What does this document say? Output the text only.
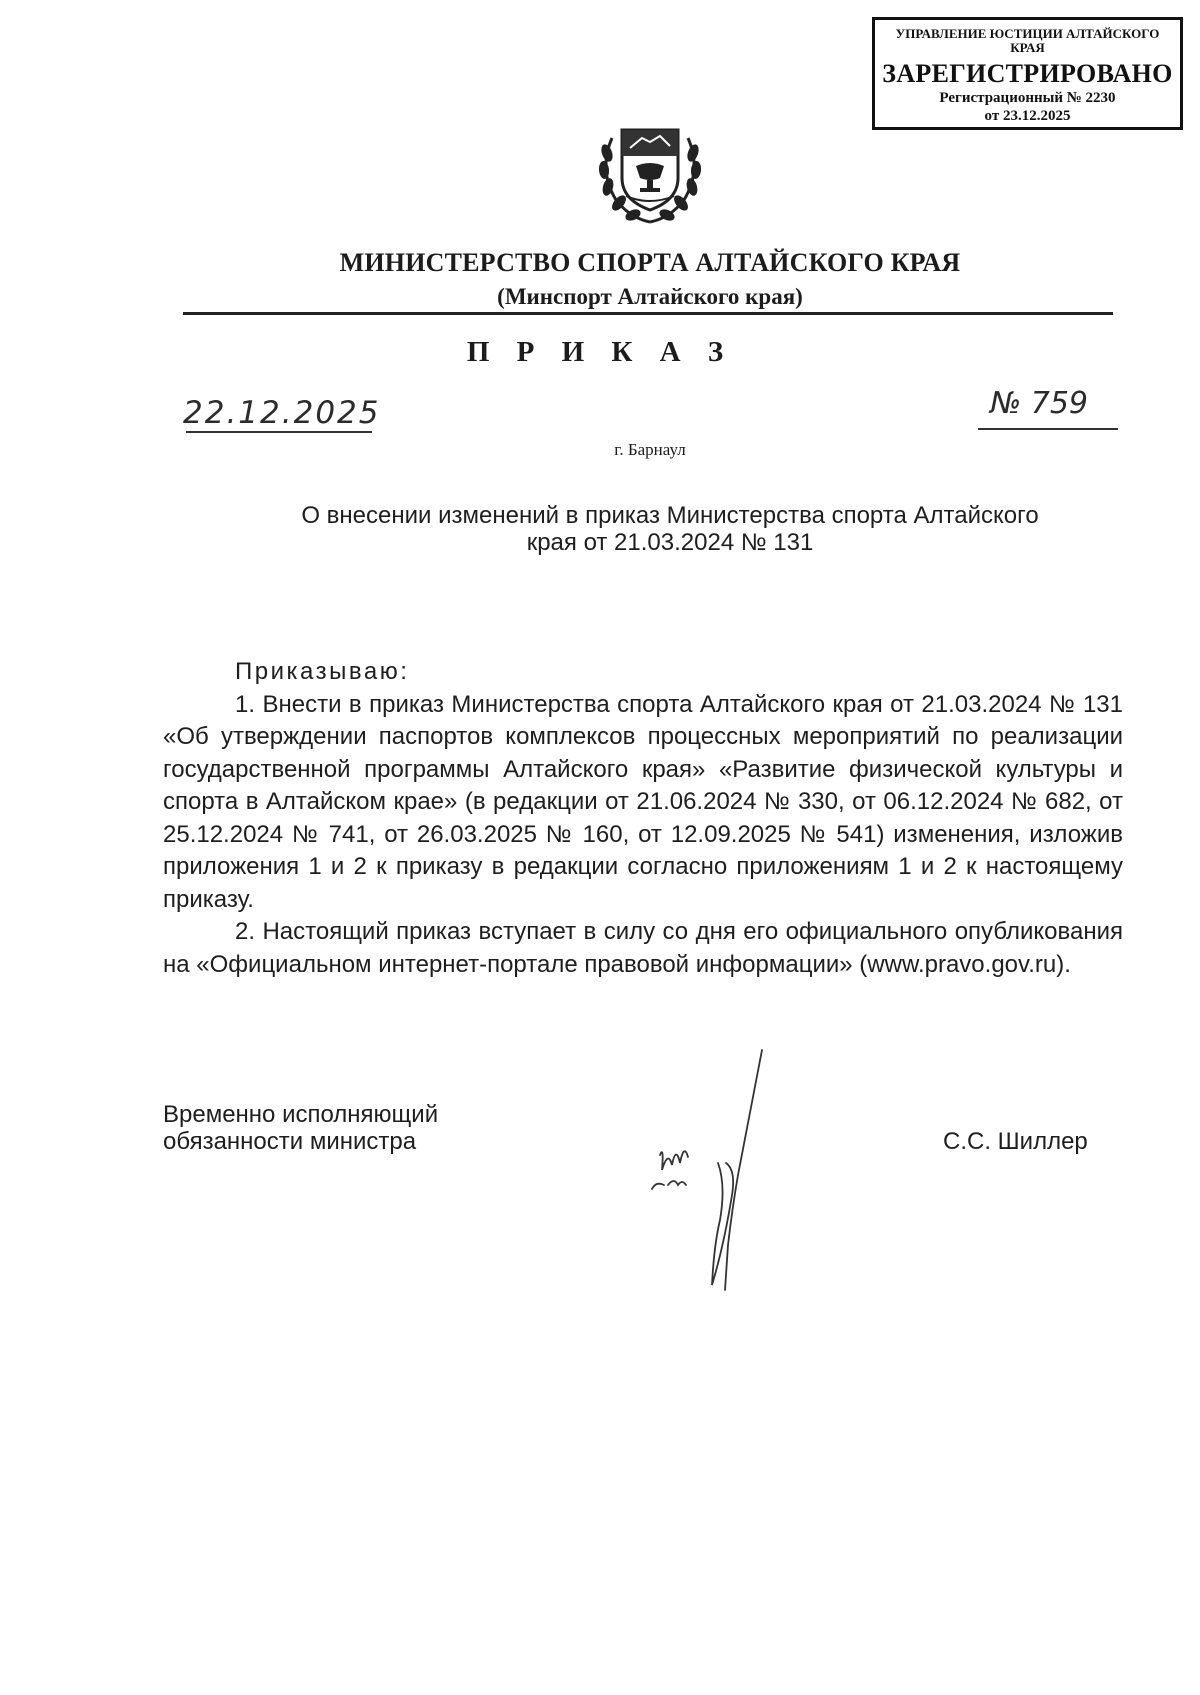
УПРАВЛЕНИЕ ЮСТИЦИИ АЛТАЙСКОГО КРАЯ
ЗАРЕГИСТРИРОВАНО
Регистрационный № 2230
от 23.12.2025
МИНИСТЕРСТВО СПОРТА АЛТАЙСКОГО КРАЯ
(Минспорт Алтайского края)
П Р И К А З
22.12.2025	№ 759
г. Барнаул
О внесении изменений в приказ Министерства спорта Алтайского края от 21.03.2024 № 131
Приказываю:

1. Внести в приказ Министерства спорта Алтайского края от 21.03.2024 № 131 «Об утверждении паспортов комплексов процессных мероприятий по реализации государственной программы Алтайского края» «Развитие физической культуры и спорта в Алтайском крае» (в редакции от 21.06.2024 № 330, от 06.12.2024 № 682, от 25.12.2024 № 741, от 26.03.2025 № 160, от 12.09.2025 № 541) изменения, изложив приложения 1 и 2 к приказу в редакции согласно приложениям 1 и 2 к настоящему приказу.

2. Настоящий приказ вступает в силу со дня его официального опубликования на «Официальном интернет-портале правовой информации» (www.pravo.gov.ru).

Временно исполняющий обязанности министра	С.С. Шиллер
